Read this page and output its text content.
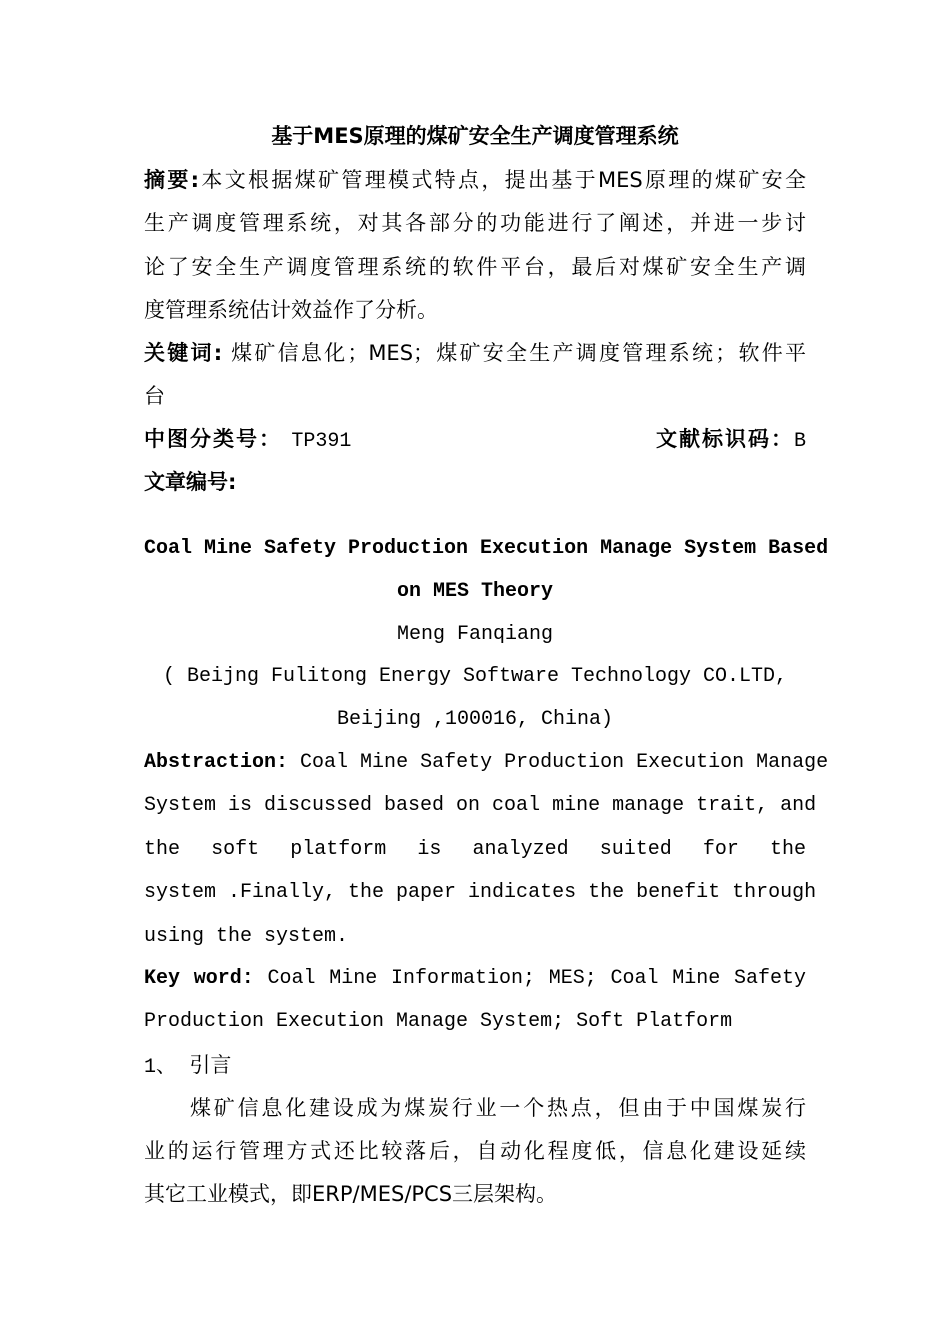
基于MES原理的煤矿安全生产调度管理系统
摘要:本文根据煤矿管理模式特点，提出基于MES原理的煤矿安全
生产调度管理系统，对其各部分的功能进行了阐述，并进一步讨
论了安全生产调度管理系统的软件平台，最后对煤矿安全生产调
度管理系统估计效益作了分析。
关键词: 煤矿信息化；MES；煤矿安全生产调度管理系统；软件平
台
中图分类号： TP391	文献标识码：B
文章编号:
Coal Mine Safety Production Execution Manage System Based
on MES Theory
Meng Fanqiang
( Beijng Fulitong Energy Software Technology CO.LTD,
Beijing ,100016, China)
Abstraction: Coal Mine Safety Production Execution Manage
System is discussed based on coal mine manage trait, and
the soft platform is analyzed suited for the
system .Finally, the paper indicates the benefit through
using the system.
Key word: Coal Mine Information; MES; Coal Mine Safety
Production Execution Manage System; Soft Platform
1、 引言
煤矿信息化建设成为煤炭行业一个热点，但由于中国煤炭行
业的运行管理方式还比较落后，自动化程度低，信息化建设延续
其它工业模式，即ERP/MES/PCS三层架构。
